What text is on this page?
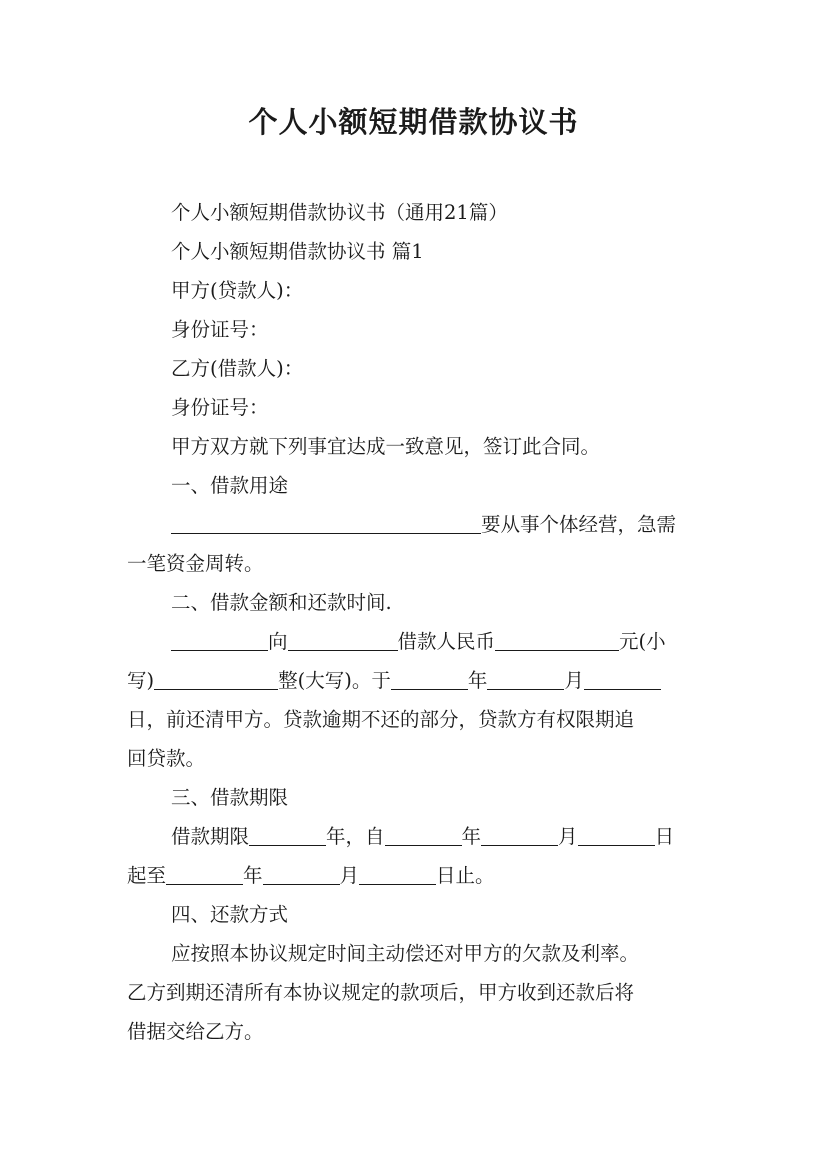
个人小额短期借款协议书
个人小额短期借款协议书（通用21篇）
个人小额短期借款协议书 篇1
甲方(贷款人)：
身份证号：
乙方(借款人)：
身份证号：
甲方双方就下列事宜达成一致意见，签订此合同。
一、借款用途
要从事个体经营，急需
一笔资金周转。
二、借款金额和还款时间.
向	借款人民币	元(小
写)	整(大写)。于	年	月
日，前还清甲方。贷款逾期不还的部分，贷款方有权限期追
回贷款。
三、借款期限
借款期限	年，自	年	月	日
起至	年	月	日止。
四、还款方式
应按照本协议规定时间主动偿还对甲方的欠款及利率。
乙方到期还清所有本协议规定的款项后，甲方收到还款后将
借据交给乙方。
